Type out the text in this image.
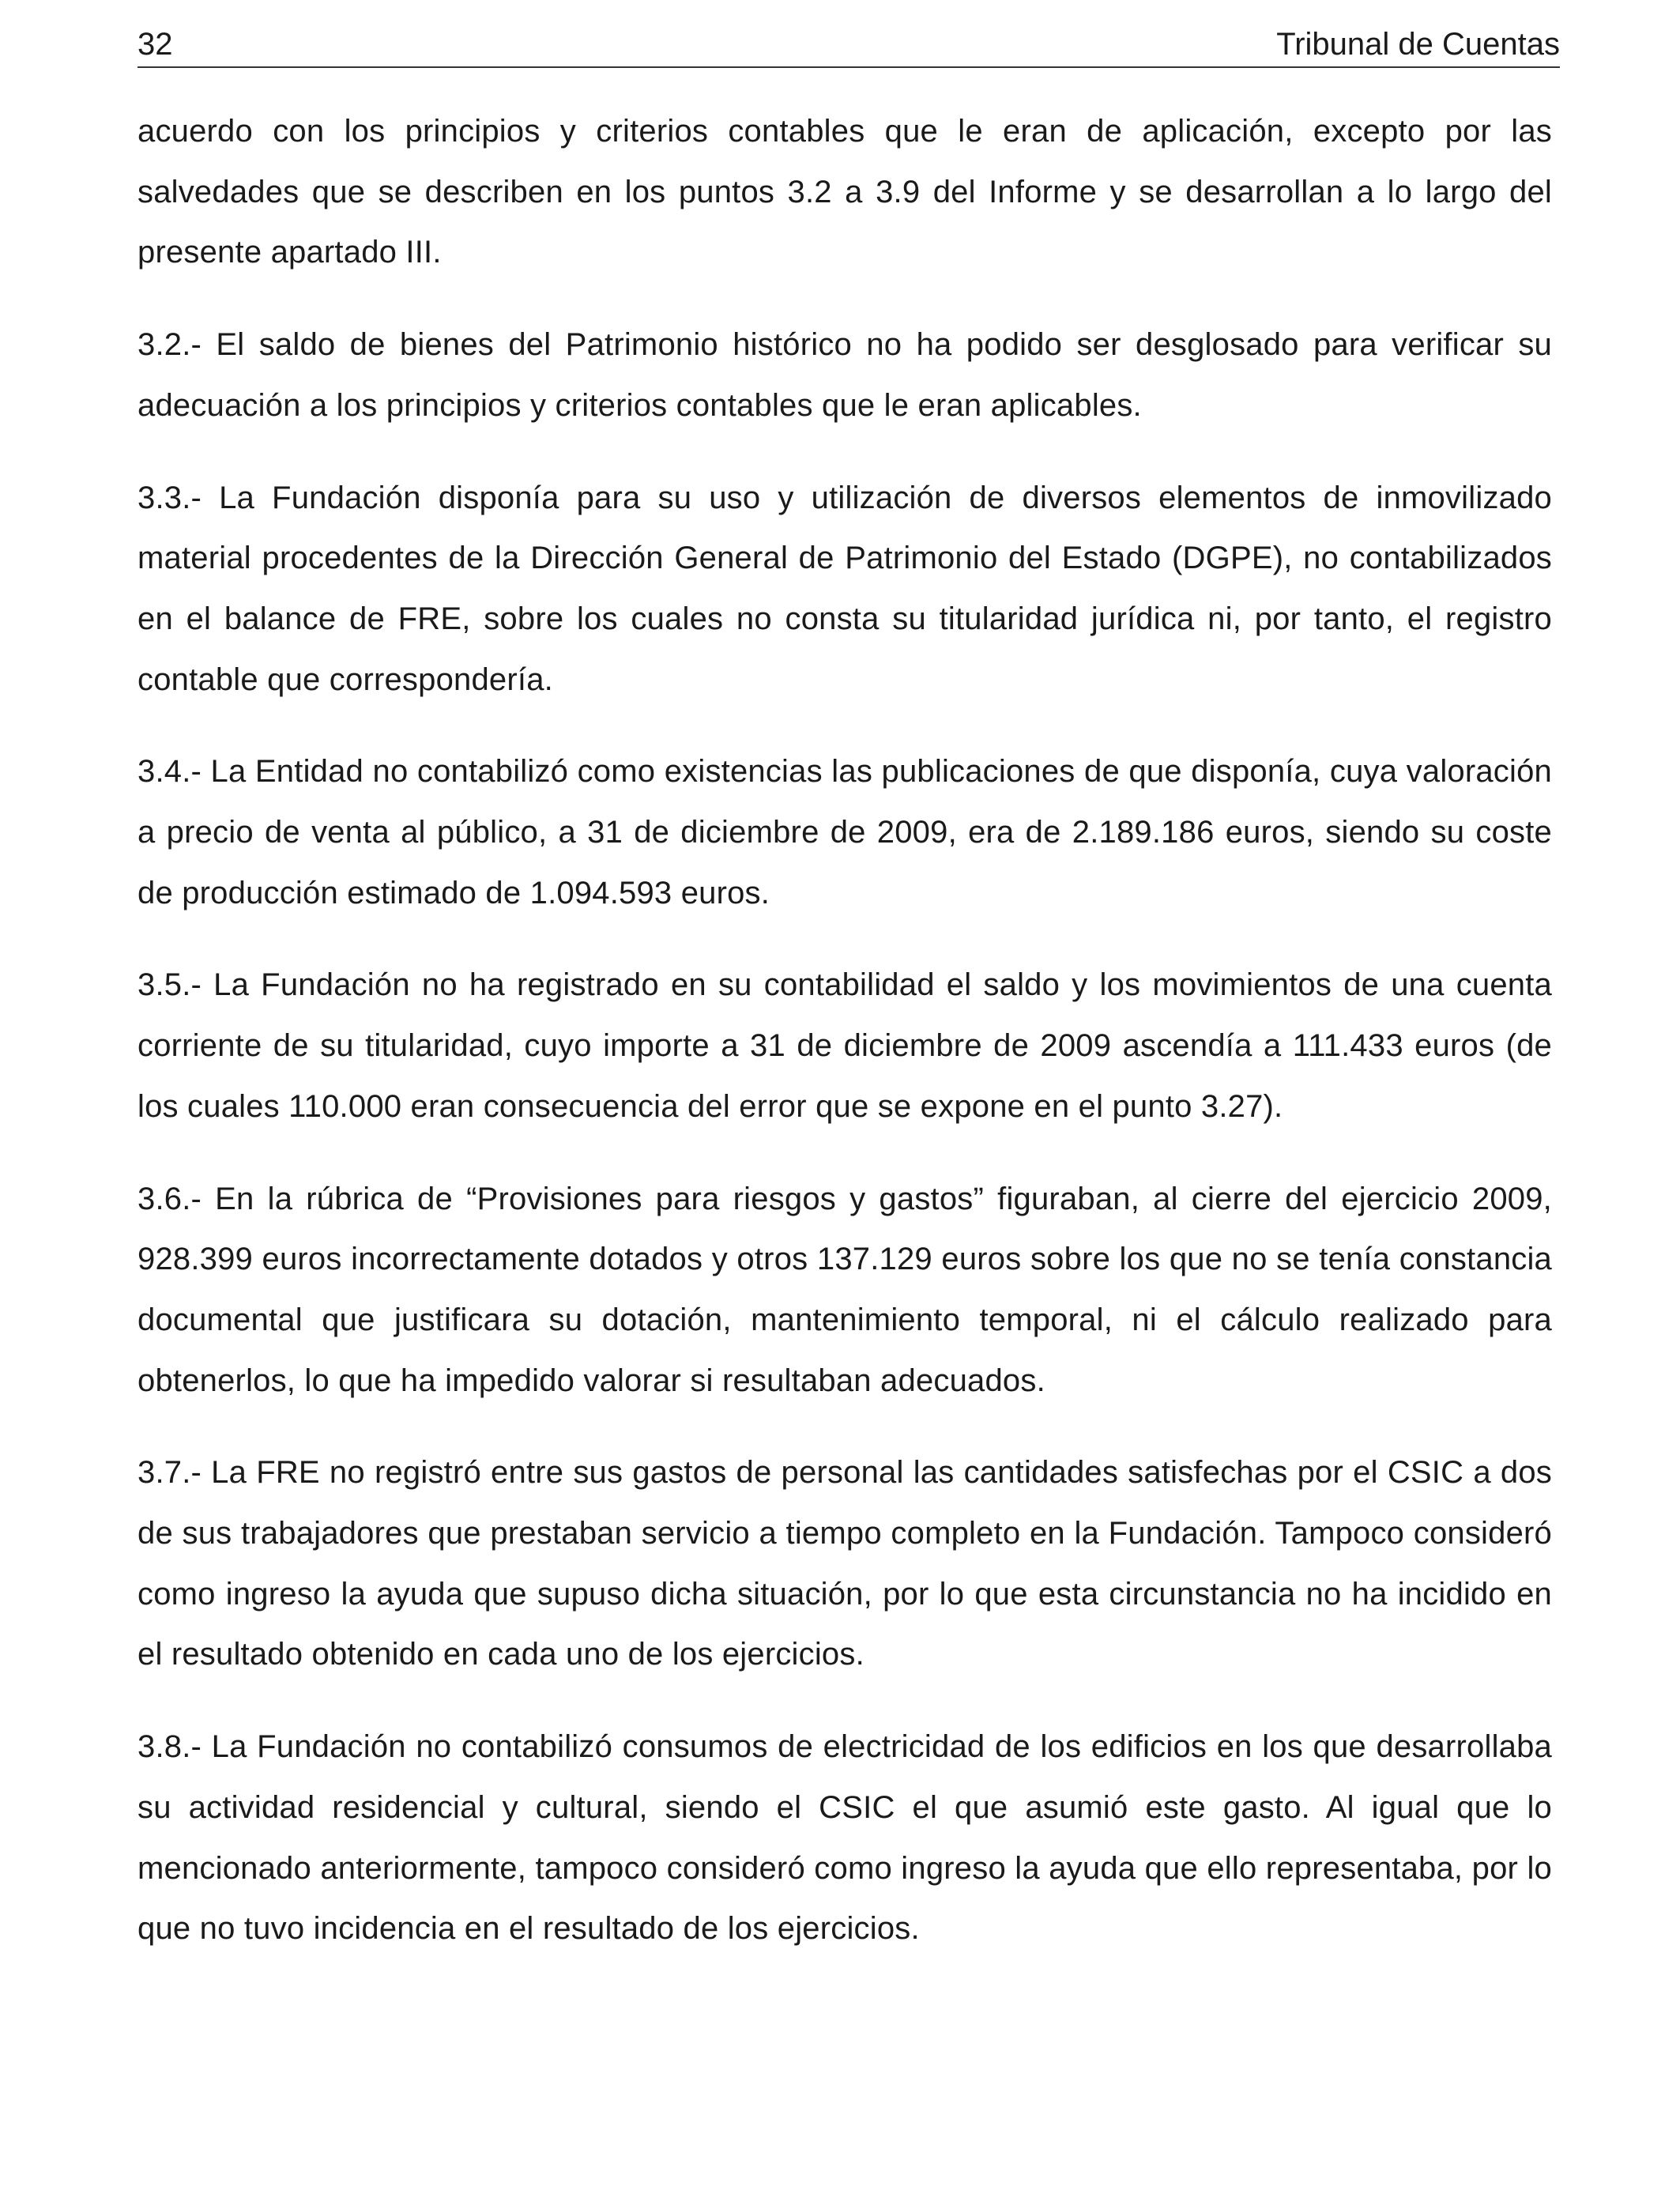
32	Tribunal de Cuentas

acuerdo con los principios y criterios contables que le eran de aplicación, excepto por las salvedades que se describen en los puntos 3.2 a 3.9 del Informe y se desarrollan a lo largo del presente apartado III.

3.2.- El saldo de bienes del Patrimonio histórico no ha podido ser desglosado para verificar su adecuación a los principios y criterios contables que le eran aplicables.

3.3.- La Fundación disponía para su uso y utilización de diversos elementos de inmovilizado material procedentes de la Dirección General de Patrimonio del Estado (DGPE), no contabilizados en el balance de FRE, sobre los cuales no consta su titularidad jurídica ni, por tanto, el registro contable que correspondería.

3.4.- La Entidad no contabilizó como existencias las publicaciones de que disponía, cuya valoración a precio de venta al público, a 31 de diciembre de 2009, era de 2.189.186 euros, siendo su coste de producción estimado de 1.094.593 euros.

3.5.- La Fundación no ha registrado en su contabilidad el saldo y los movimientos de una cuenta corriente de su titularidad, cuyo importe a 31 de diciembre de 2009 ascendía a 111.433 euros (de los cuales 110.000 eran consecuencia del error que se expone en el punto 3.27).

3.6.- En la rúbrica de “Provisiones para riesgos y gastos” figuraban, al cierre del ejercicio 2009, 928.399 euros incorrectamente dotados y otros 137.129 euros sobre los que no se tenía constancia documental que justificara su dotación, mantenimiento temporal, ni el cálculo realizado para obtenerlos, lo que ha impedido valorar si resultaban adecuados.

3.7.- La FRE no registró entre sus gastos de personal las cantidades satisfechas por el CSIC a dos de sus trabajadores que prestaban servicio a tiempo completo en la Fundación. Tampoco consideró como ingreso la ayuda que supuso dicha situación, por lo que esta circunstancia no ha incidido en el resultado obtenido en cada uno de los ejercicios.

3.8.- La Fundación no contabilizó consumos de electricidad de los edificios en los que desarrollaba su actividad residencial y cultural, siendo el CSIC el que asumió este gasto. Al igual que lo mencionado anteriormente, tampoco consideró como ingreso la ayuda que ello representaba, por lo que no tuvo incidencia en el resultado de los ejercicios.
